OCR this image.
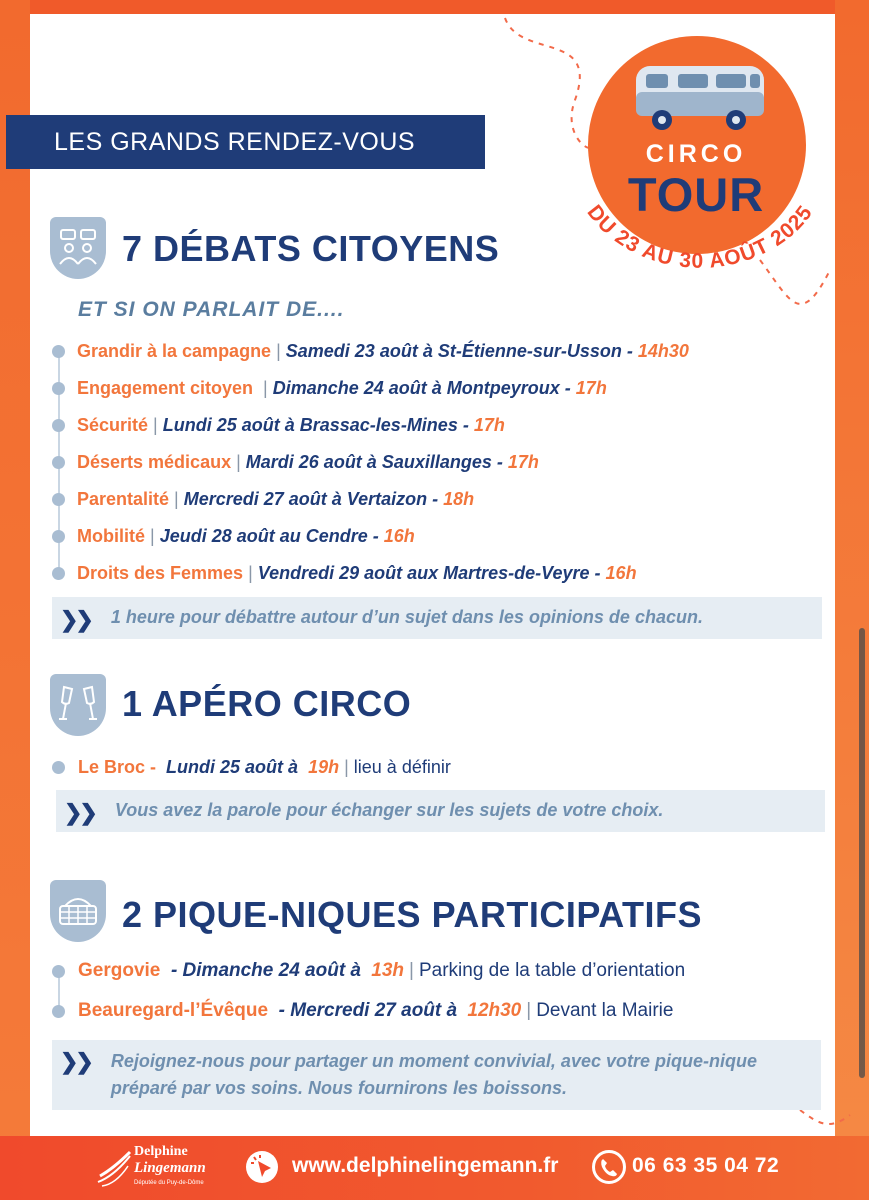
LES GRANDS RENDEZ-VOUS	CIRCO
TOUR
DU 23 AU 30 AOÛT 2025
7 DÉBATS CITOYENS
ET SI ON PARLAIT DE....
Grandir à la campagne | Samedi 23 août à St-Étienne-sur-Usson - 14h30
Engagement citoyen | Dimanche 24 août à Montpeyroux - 17h
Sécurité | Lundi 25 août à Brassac-les-Mines - 17h
Déserts médicaux | Mardi 26 août à Sauxillanges - 17h
Parentalité | Mercredi 27 août à Vertaizon - 18h
Mobilité | Jeudi 28 août au Cendre - 16h
Droits des Femmes | Vendredi 29 août aux Martres-de-Veyre - 16h
❯❯ 1 heure pour débattre autour d’un sujet dans les opinions de chacun.
1 APÉRO CIRCO
Le Broc -
Lundi 25 août à
19h | lieu à définir
❯❯ Vous avez la parole pour échanger sur les sujets de votre choix.
2 PIQUE-NIQUES PARTICIPATIFS
Gergovie
- Dimanche 24 août à
13h | Parking de la table d’orientation
Beauregard-l’Évêque
- Mercredi 27 août à
12h30 | Devant la Mairie
❯❯ Rejoignez-nous pour partager un moment convivial, avec votre pique-nique préparé par vos soins. Nous fournirons les boissons.
Delphine
Lingemann
Députée du Puy-de-Dôme
www.delphinelingemann.fr	06 63 35 04 72
